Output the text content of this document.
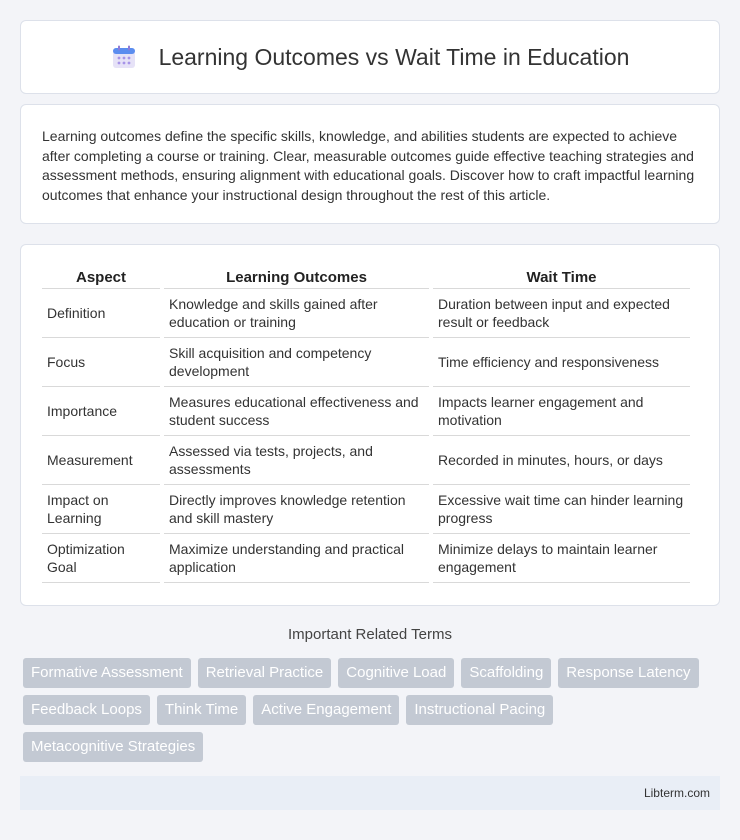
Learning Outcomes vs Wait Time in Education

Learning outcomes define the specific skills, knowledge, and abilities students are expected to achieve after completing a course or training. Clear, measurable outcomes guide effective teaching strategies and assessment methods, ensuring alignment with educational goals. Discover how to craft impactful learning outcomes that enhance your instructional design throughout the rest of this article.

Aspect	Learning Outcomes	Wait Time
Definition	Knowledge and skills gained after education or training	Duration between input and expected result or feedback
Focus	Skill acquisition and competency development	Time efficiency and responsiveness
Importance	Measures educational effectiveness and student success	Impacts learner engagement and motivation
Measurement	Assessed via tests, projects, and assessments	Recorded in minutes, hours, or days
Impact on Learning	Directly improves knowledge retention and skill mastery	Excessive wait time can hinder learning progress
Optimization Goal	Maximize understanding and practical application	Minimize delays to maintain learner engagement
Important Related Terms
Formative Assessment	Retrieval Practice	Cognitive Load	Scaffolding	Response Latency
Feedback Loops	Think Time	Active Engagement	Instructional Pacing
Metacognitive Strategies
Libterm.com
